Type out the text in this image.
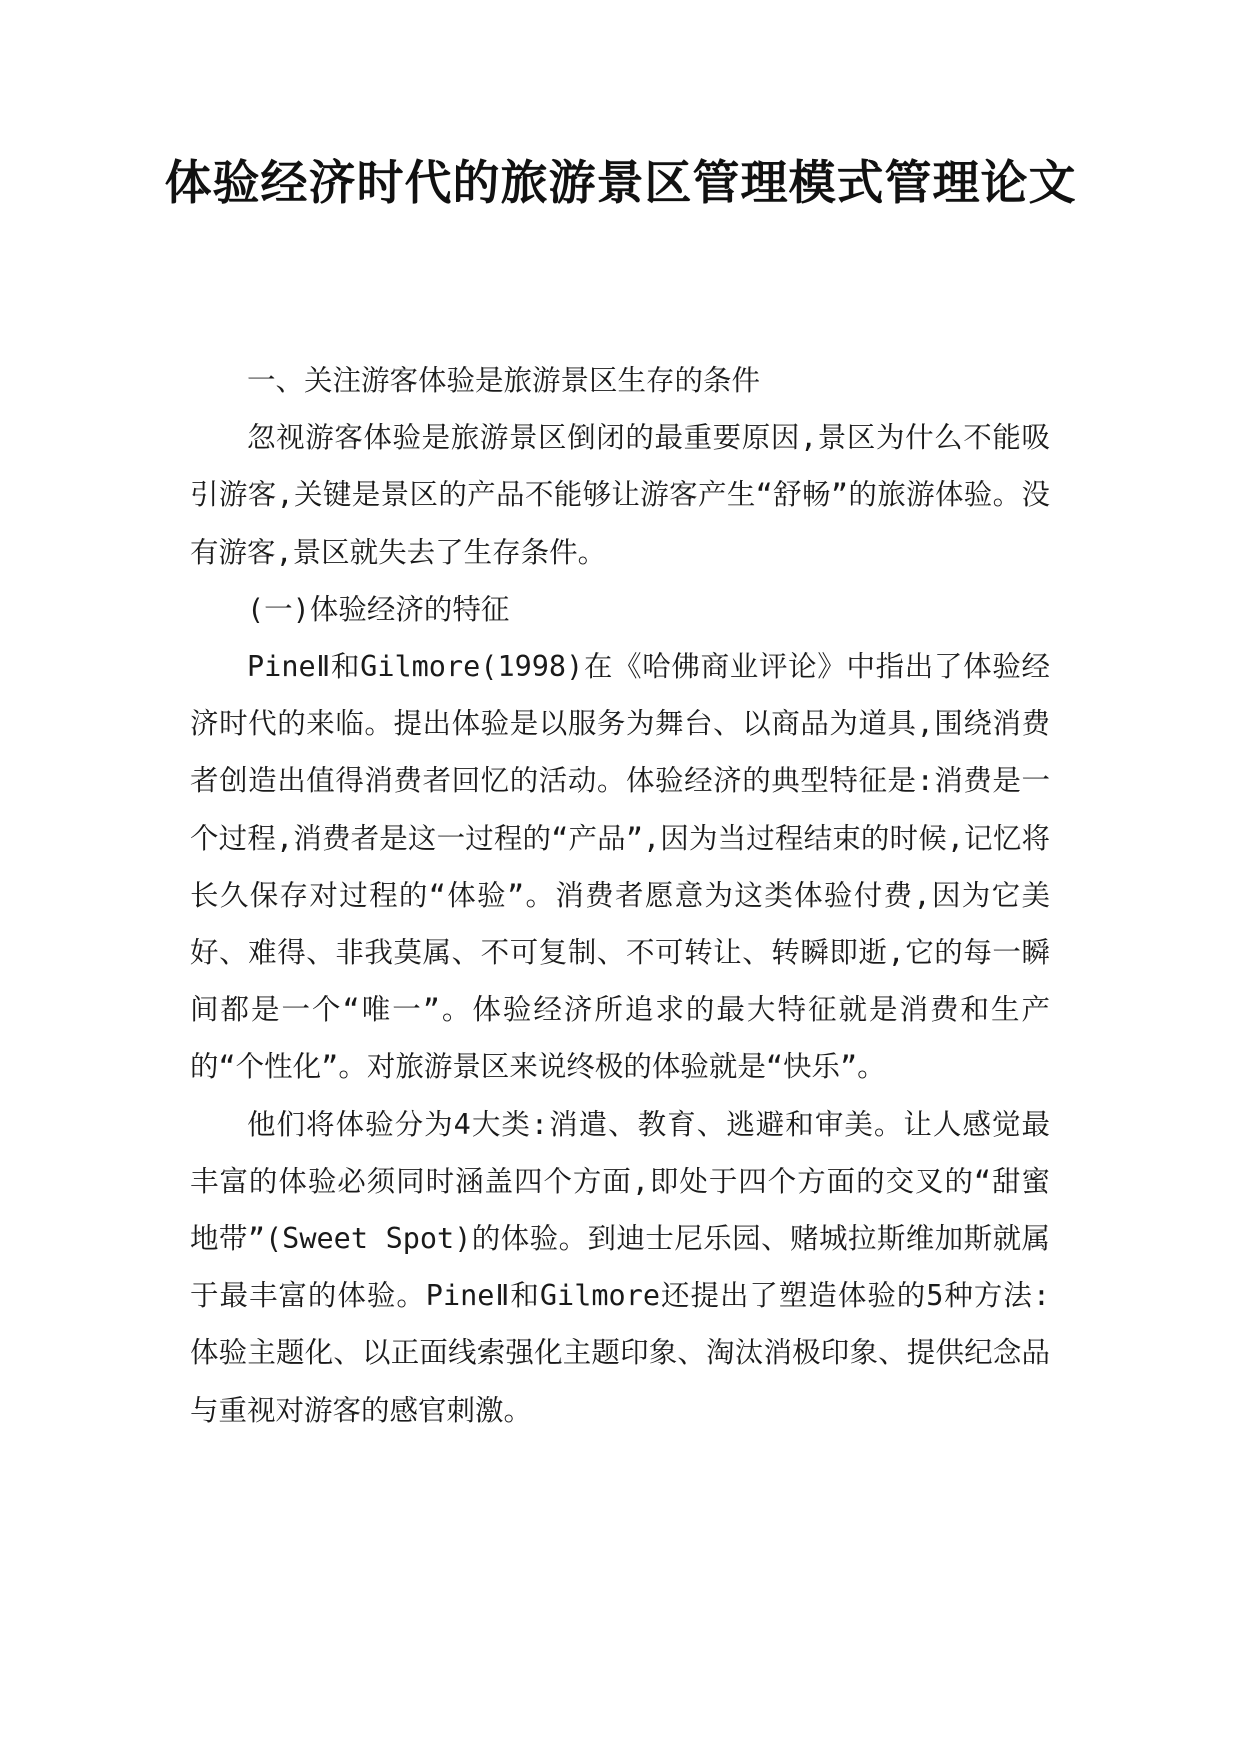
体验经济时代的旅游景区管理模式管理论文

一、关注游客体验是旅游景区生存的条件

忽视游客体验是旅游景区倒闭的最重要原因,景区为什么不能吸引游客,关键是景区的产品不能够让游客产生“舒畅”的旅游体验。没有游客,景区就失去了生存条件。

(一)体验经济的特征

PineⅡ和Gilmore(1998)在《哈佛商业评论》中指出了体验经济时代的来临。提出体验是以服务为舞台、以商品为道具,围绕消费者创造出值得消费者回忆的活动。体验经济的典型特征是:消费是一个过程,消费者是这一过程的“产品”,因为当过程结束的时候,记忆将长久保存对过程的“体验”。消费者愿意为这类体验付费,因为它美好、难得、非我莫属、不可复制、不可转让、转瞬即逝,它的每一瞬间都是一个“唯一”。体验经济所追求的最大特征就是消费和生产的“个性化”。对旅游景区来说终极的体验就是“快乐”。

他们将体验分为4大类:消遣、教育、逃避和审美。让人感觉最丰富的体验必须同时涵盖四个方面,即处于四个方面的交叉的“甜蜜地带”(Sweet Spot)的体验。到迪士尼乐园、赌城拉斯维加斯就属于最丰富的体验。PineⅡ和Gilmore还提出了塑造体验的5种方法:体验主题化、以正面线索强化主题印象、淘汰消极印象、提供纪念品与重视对游客的感官刺激。
